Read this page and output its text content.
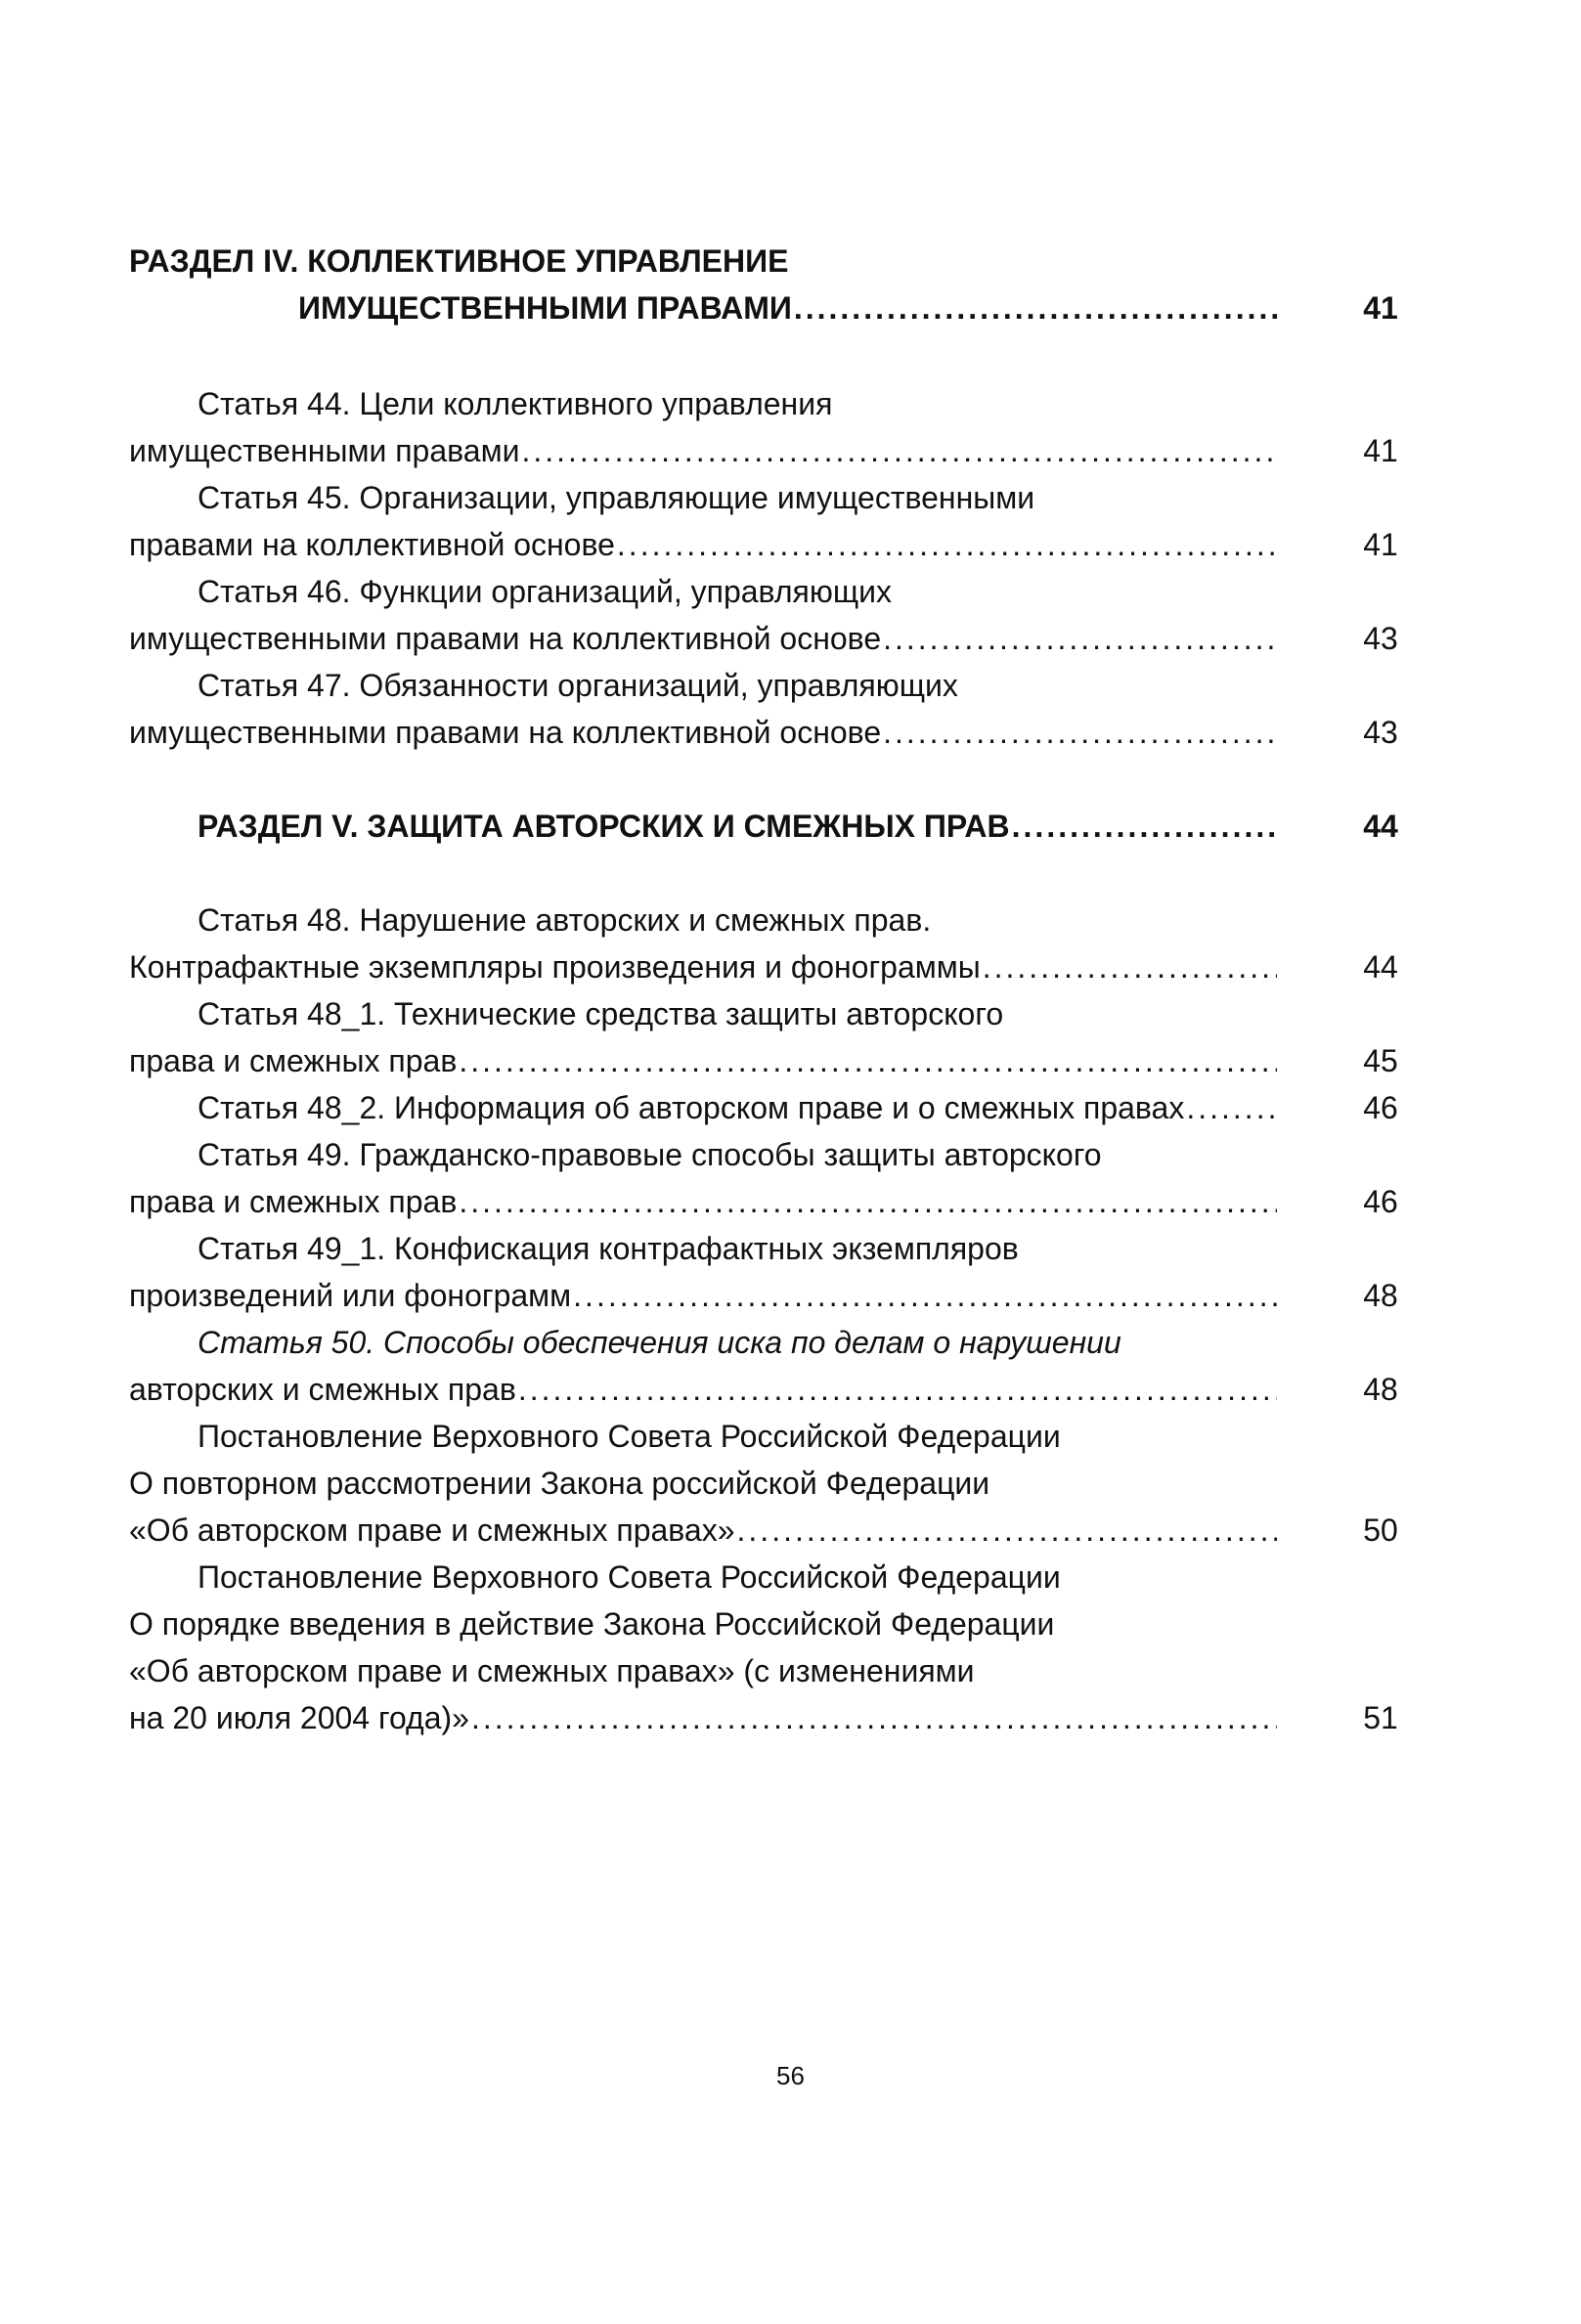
РАЗДЕЛ IV. КОЛЛЕКТИВНОЕ УПРАВЛЕНИЕ
ИМУЩЕСТВЕННЫМИ ПРАВАМИ .....	41
Статья 44. Цели коллективного управления
имущественными правами .....	41
Статья 45. Организации, управляющие имущественными
правами на коллективной основе .....	41
Статья 46. Функции организаций, управляющих
имущественными правами на коллективной основе .....	43
Статья 47. Обязанности организаций, управляющих
имущественными правами на коллективной основе .....	43
РАЗДЕЛ V. ЗАЩИТА АВТОРСКИХ И СМЕЖНЫХ ПРАВ .....	44
Статья 48. Нарушение авторских и смежных прав.
Контрафактные экземпляры произведения и фонограммы .....	44
Статья 48_1. Технические средства защиты авторского
права и смежных прав .....	45
Статья 48_2. Информация об авторском праве и о смежных правах .....	46
Статья 49. Гражданско-правовые способы защиты авторского
права и смежных прав .....	46
Статья 49_1. Конфискация контрафактных экземпляров
произведений или фонограмм .....	48
Статья 50. Способы обеспечения иска по делам о нарушении
авторских и смежных прав .....	48
Постановление Верховного Совета Российской Федерации
О повторном рассмотрении Закона российской Федерации
«Об авторском праве и смежных правах» .....	50
Постановление Верховного Совета Российской Федерации
О порядке введения в действие Закона Российской Федерации
«Об авторском праве и смежных правах» (с изменениями
на 20 июля 2004 года)» .....	51
56
